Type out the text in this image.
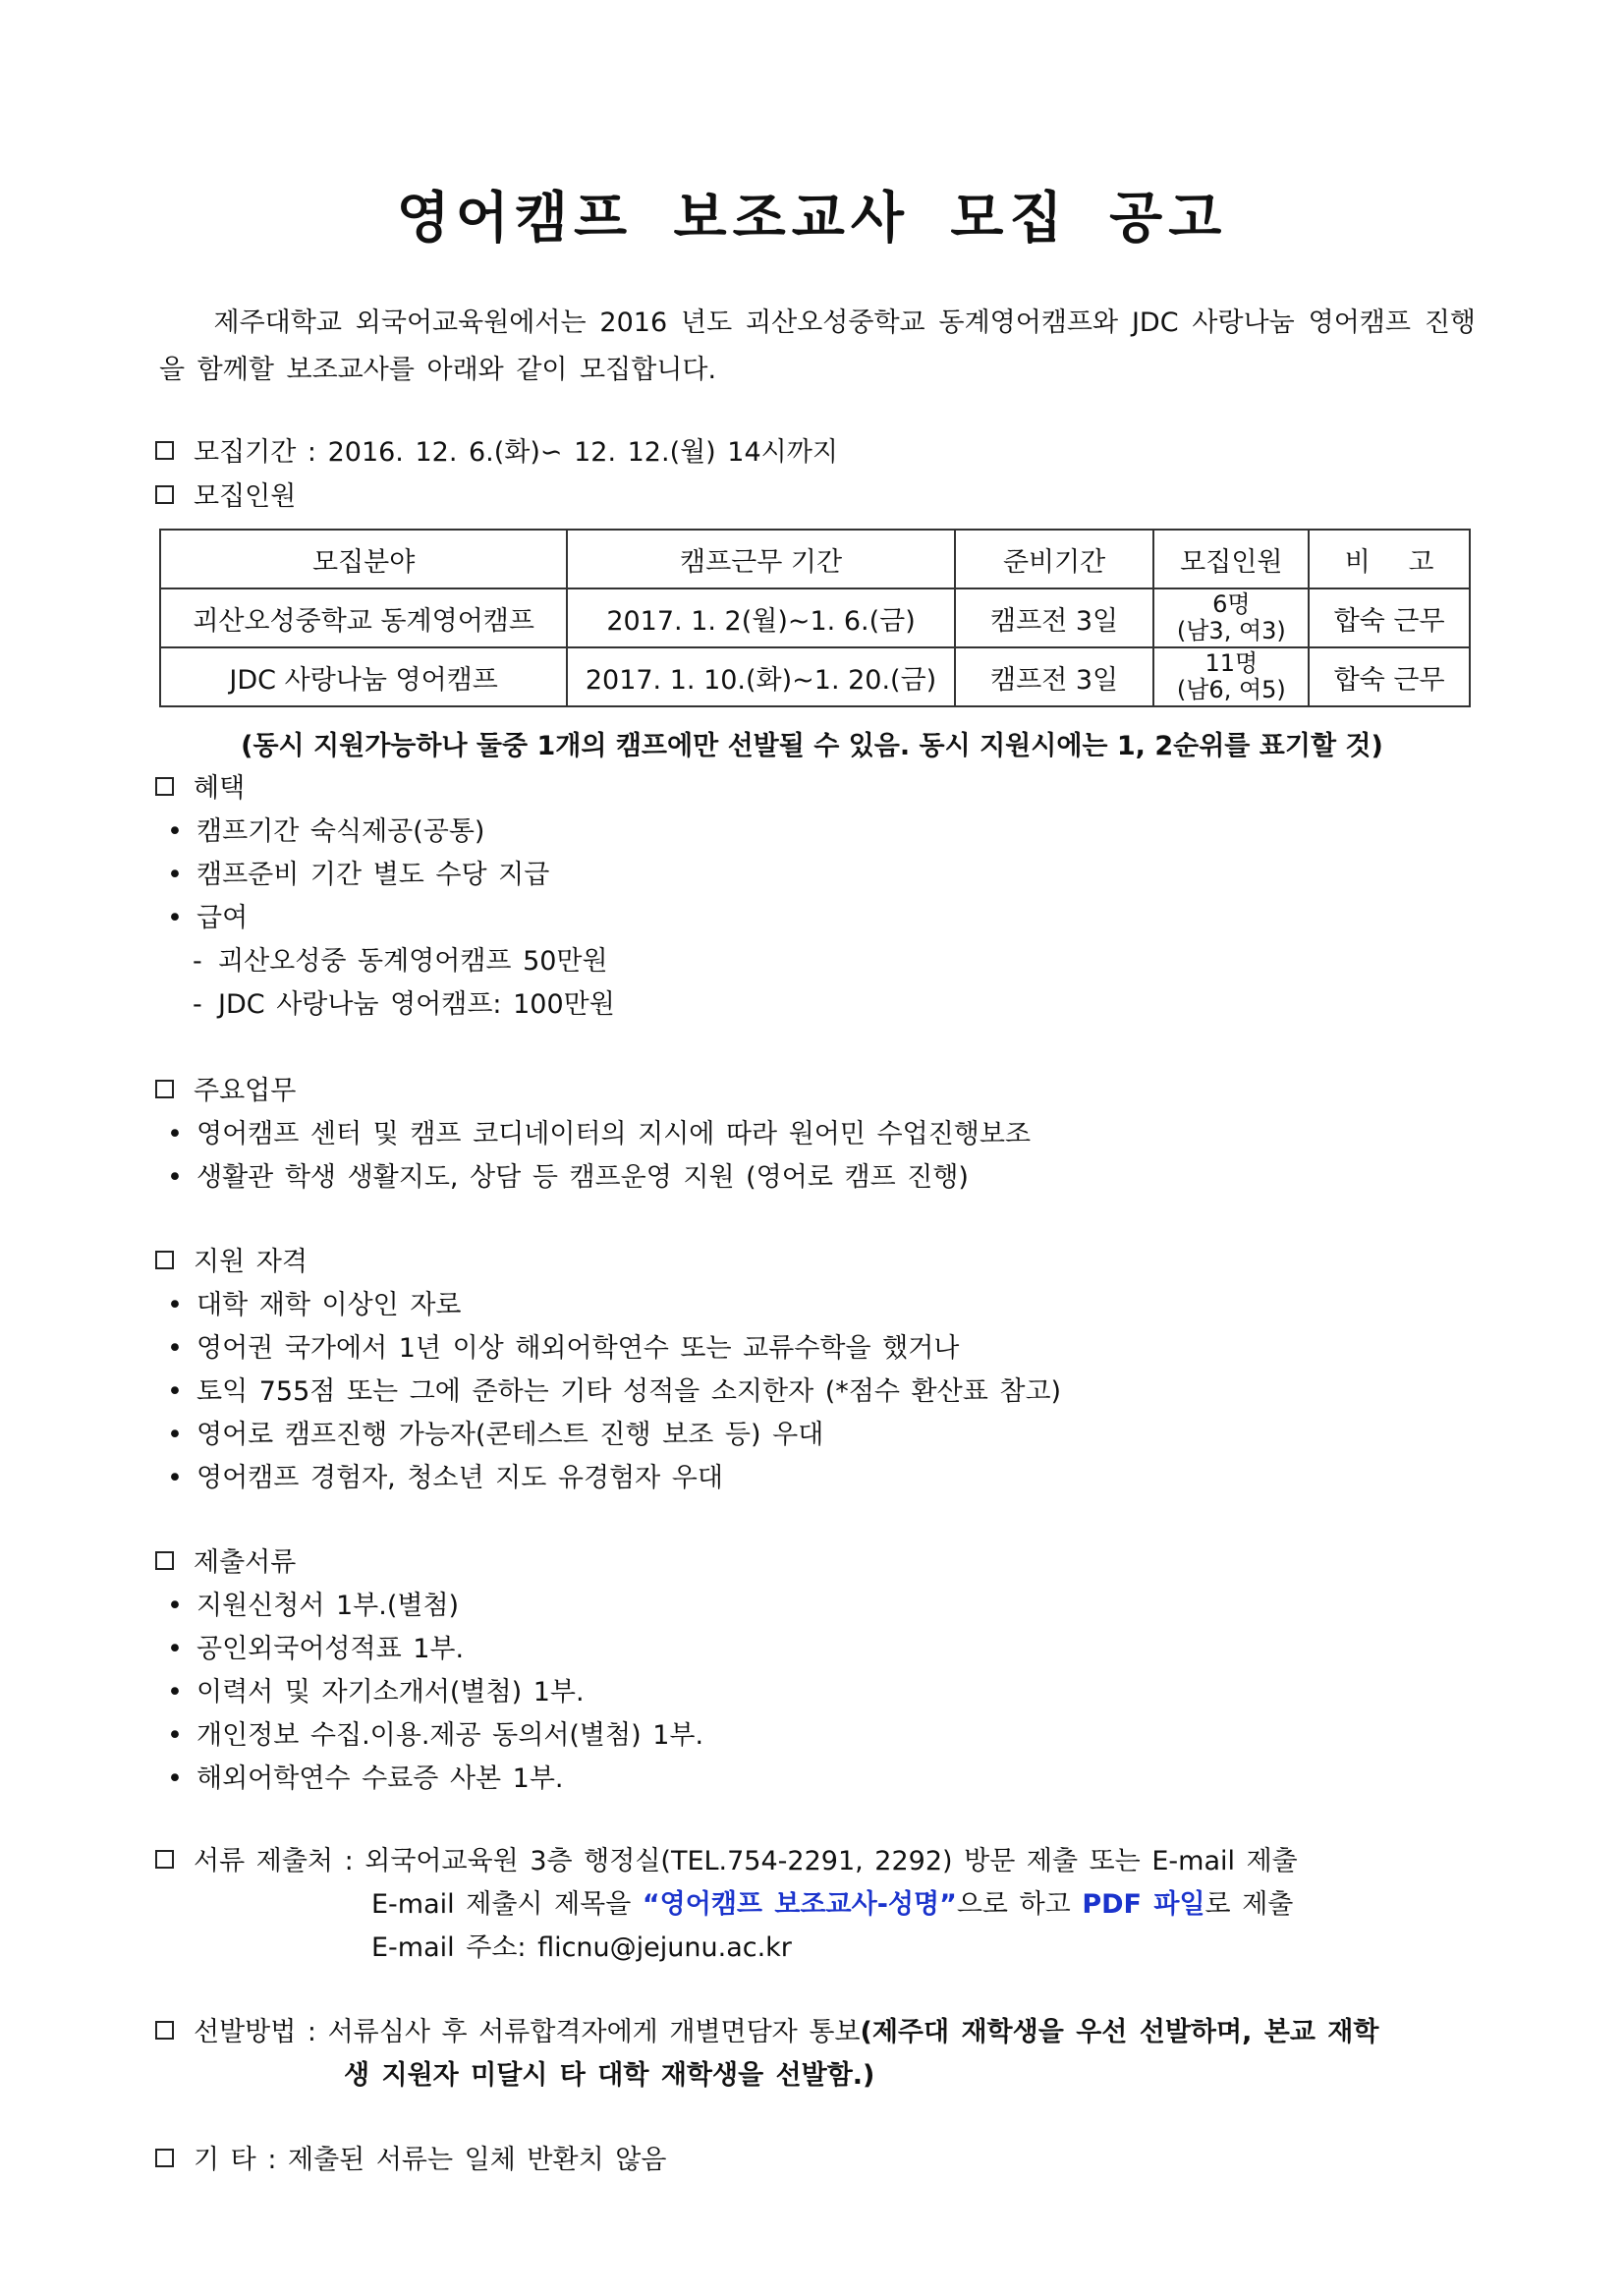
영어캠프 보조교사 모집 공고
제주대학교 외국어교육원에서는 2016 년도 괴산오성중학교 동계영어캠프와 JDC 사랑나눔 영어캠프 진행을 함께할 보조교사를 아래와 같이 모집합니다.
모집기간 : 2016. 12. 6.(화)∽ 12. 12.(월) 14시까지
모집인원
모집분야	캠프근무 기간	준비기간	모집인원	비 고
괴산오성중학교 동계영어캠프	2017. 1. 2(월)~1. 6.(금)	캠프전 3일	6명
(남3, 여3)	합숙 근무
JDC 사랑나눔 영어캠프	2017. 1. 10.(화)~1. 20.(금)	캠프전 3일	11명
(남6, 여5)	합숙 근무
(동시 지원가능하나 둘중 1개의 캠프에만 선발될 수 있음. 동시 지원시에는 1, 2순위를 표기할 것)
혜택
• 캠프기간 숙식제공(공통)
• 캠프준비 기간 별도 수당 지급
• 급여
- 괴산오성중 동계영어캠프 50만원
- JDC 사랑나눔 영어캠프: 100만원
주요업무
• 영어캠프 센터 및 캠프 코디네이터의 지시에 따라 원어민 수업진행보조
• 생활관 학생 생활지도, 상담 등 캠프운영 지원 (영어로 캠프 진행)
지원 자격
• 대학 재학 이상인 자로
• 영어권 국가에서 1년 이상 해외어학연수 또는 교류수학을 했거나
• 토익 755점 또는 그에 준하는 기타 성적을 소지한자 (*점수 환산표 참고)
• 영어로 캠프진행 가능자(콘테스트 진행 보조 등) 우대
• 영어캠프 경험자, 청소년 지도 유경험자 우대
제출서류
• 지원신청서 1부.(별첨)
• 공인외국어성적표 1부.
• 이력서 및 자기소개서(별첨) 1부.
• 개인정보 수집.이용.제공 동의서(별첨) 1부.
• 해외어학연수 수료증 사본 1부.
서류 제출처 : 외국어교육원 3층 행정실(TEL.754-2291, 2292) 방문 제출 또는 E-mail 제출
E-mail 제출시 제목을 “영어캠프 보조교사-성명”으로 하고 PDF 파일로 제출
E-mail 주소: flicnu@jejunu.ac.kr
선발방법 : 서류심사 후 서류합격자에게 개별면담자 통보(제주대 재학생을 우선 선발하며, 본교 재학
생 지원자 미달시 타 대학 재학생을 선발함.)
기 타 : 제출된 서류는 일체 반환치 않음
